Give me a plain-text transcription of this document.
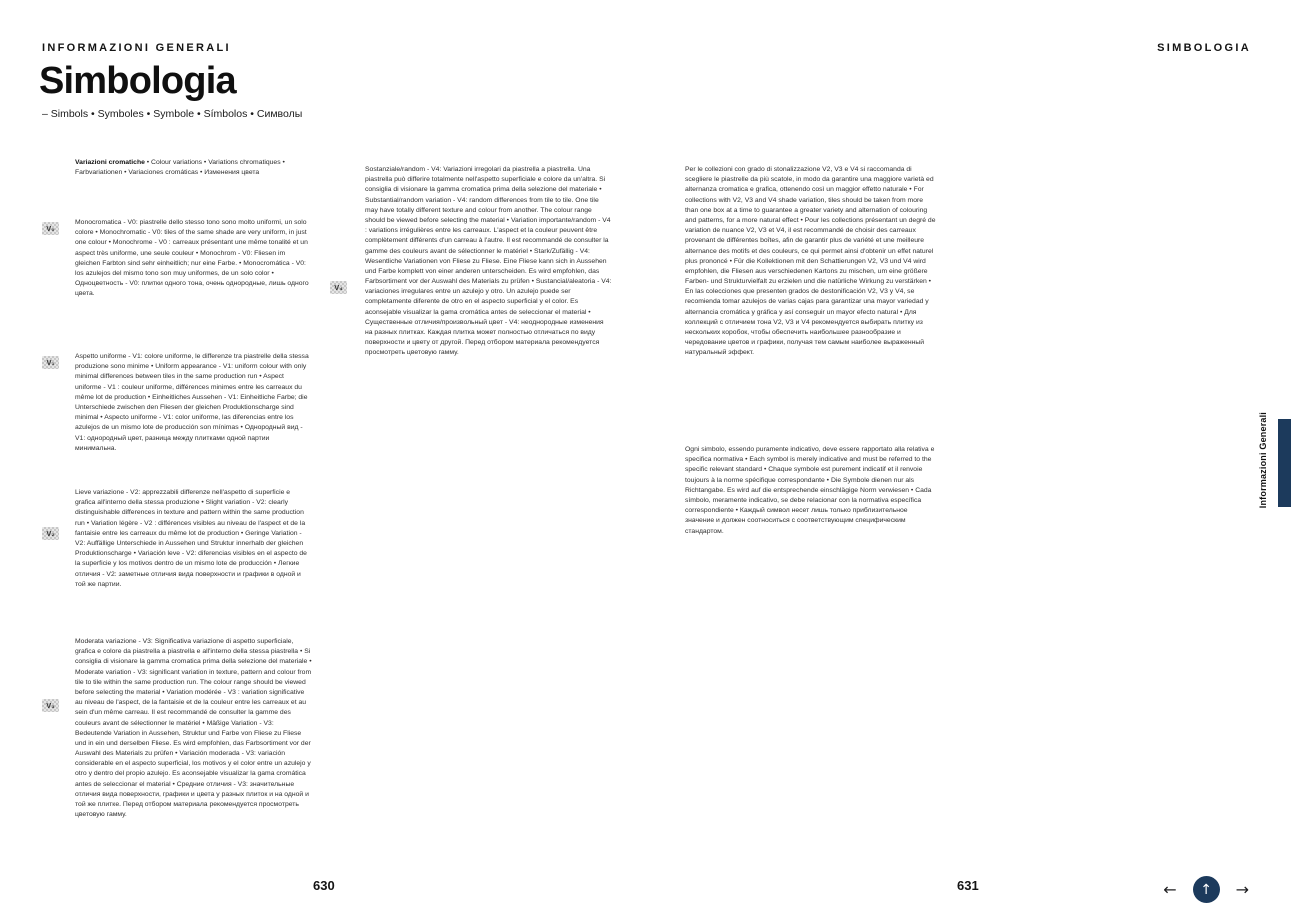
INFORMAZIONI GENERALI	SIMBOLOGIA
Simbologia
– Simbols • Symboles • Symbole • Símbolos • Символы

Variazioni cromatiche • Colour variations • Variations chromatiques • Farbvariationen • Variaciones cromáticas • Изменения цвета

V₀

Monocromatica - V0: piastrelle dello stesso tono sono molto uniformi, un solo colore • Monochromatic - V0: tiles of the same shade are very uniform, in just one colour • Monochrome - V0 : carreaux présentant une même tonalité et un aspect très uniforme, une seule couleur • Monochrom - V0: Fliesen im gleichen Farbton sind sehr einheitlich; nur eine Farbe. • Monocromática - V0: los azulejos del mismo tono son muy uniformes, de un solo color • Одноцветность - V0: плитки одного тона, очень однородные, лишь одного цвета.

V₁

Aspetto uniforme - V1: colore uniforme, le differenze tra piastrelle della stessa produzione sono minime • Uniform appearance - V1: uniform colour with only minimal differences between tiles in the same production run • Aspect uniforme - V1 : couleur uniforme, différences minimes entre les carreaux du même lot de production • Einheitliches Aussehen - V1: Einheitliche Farbe; die Unterschiede zwischen den Fliesen der gleichen Produktionscharge sind minimal • Aspecto uniforme - V1: color uniforme, las diferencias entre los azulejos de un mismo lote de producción son mínimas • Однородный вид - V1: однородный цвет, разница между плитками одной партии минимальна.

V₂

Lieve variazione - V2: apprezzabili differenze nell'aspetto di superficie e grafica all'interno della stessa produzione • Slight variation - V2: clearly distinguishable differences in texture and pattern within the same production run • Variation légère - V2 : différences visibles au niveau de l'aspect et de la fantaisie entre les carreaux du même lot de production • Geringe Variation - V2: Auffällige Unterschiede in Aussehen und Struktur innerhalb der gleichen Produktionscharge • Variación leve - V2: diferencias visibles en el aspecto de la superficie y los motivos dentro de un mismo lote de producción • Легкие отличия - V2: заметные отличия вида поверхности и графики в одной и той же партии.

V₃

Moderata variazione - V3: Significativa variazione di aspetto superficiale, grafica e colore da piastrella a piastrella e all'interno della stessa piastrella • Si consiglia di visionare la gamma cromatica prima della selezione del materiale • Moderate variation - V3: significant variation in texture, pattern and colour from tile to tile within the same production run. The colour range should be viewed before selecting the material • Variation modérée - V3 : variation significative au niveau de l'aspect, de la fantaisie et de la couleur entre les carreaux et au sein d'un même carreau. Il est recommandé de consulter la gamme des couleurs avant de sélectionner le matériel • Mäßige Variation - V3: Bedeutende Variation in Aussehen, Struktur und Farbe von Fliese zu Fliese und in ein und derselben Fliese. Es wird empfohlen, das Farbsortiment vor der Auswahl des Materials zu prüfen • Variación moderada - V3: variación considerable en el aspecto superficial, los motivos y el color entre un azulejo y otro y dentro del propio azulejo. Es aconsejable visualizar la gama cromática antes de seleccionar el material • Средние отличия - V3: значительные отличия вида поверхности, графики и цвета у разных плиток и на одной и той же плитке. Перед отбором материала рекомендуется просмотреть цветовую гамму.

V₄

Sostanziale/random - V4: Variazioni irregolari da piastrella a piastrella. Una piastrella può differire totalmente nell'aspetto superficiale e colore da un'altra. Si consiglia di visionare la gamma cromatica prima della selezione del materiale • Substantial/random variation - V4: random differences from tile to tile. One tile may have totally different texture and colour from another. The colour range should be viewed before selecting the material • Variation importante/random - V4 : variations irrégulières entre les carreaux. L'aspect et la couleur peuvent être complètement différents d'un carreau à l'autre. Il est recommandé de consulter la gamme des couleurs avant de sélectionner le matériel • Stark/Zufällig - V4: Wesentliche Variationen von Fliese zu Fliese. Eine Fliese kann sich in Aussehen und Farbe komplett von einer anderen unterscheiden. Es wird empfohlen, das Farbsortiment vor der Auswahl des Materials zu prüfen • Sustancial/aleatoria - V4: variaciones irregulares entre un azulejo y otro. Un azulejo puede ser completamente diferente de otro en el aspecto superficial y el color. Es aconsejable visualizar la gama cromática antes de seleccionar el material • Существенные отличия/произвольный цвет - V4: неоднородные изменения на разных плитках. Каждая плитка может полностью отличаться по виду поверхности и цвету от другой. Перед отбором материала рекомендуется просмотреть цветовую гамму.

Per le collezioni con grado di stonalizzazione V2, V3 e V4 si raccomanda di scegliere le piastrelle da più scatole, in modo da garantire una maggiore varietà ed alternanza cromatica e grafica, ottenendo così un maggior effetto naturale • For collections with V2, V3 and V4 shade variation, tiles should be taken from more than one box at a time to guarantee a greater variety and alternation of colouring and patterns, for a more natural effect • Pour les collections présentant un degré de variation de nuance V2, V3 et V4, il est recommandé de choisir des carreaux provenant de différentes boîtes, afin de garantir plus de variété et une meilleure alternance des motifs et des couleurs, ce qui permet ainsi d'obtenir un effet naturel plus prononcé • Für die Kollektionen mit den Schattierungen V2, V3 und V4 wird empfohlen, die Fliesen aus verschiedenen Kartons zu mischen, um eine größere Farben- und Strukturvielfalt zu erzielen und die natürliche Wirkung zu verstärken • En las colecciones que presenten grados de destonificación V2, V3 y V4, se recomienda tomar azulejos de varias cajas para garantizar una mayor variedad y alternancia cromática y gráfica y así conseguir un mayor efecto natural • Для коллекций с отличием тона V2, V3 и V4 рекомендуется выбирать плитку из нескольких коробок, чтобы обеспечить наибольшее разнообразие и чередование цветов и графики, получая тем самым наиболее выраженный натуральный эффект.

Ogni simbolo, essendo puramente indicativo, deve essere rapportato alla relativa e specifica normativa • Each symbol is merely indicative and must be referred to the specific relevant standard • Chaque symbole est purement indicatif et il renvoie toujours à la norme spécifique correspondante • Die Symbole dienen nur als Richtangabe. Es wird auf die entsprechende einschlägige Norm verwiesen • Cada símbolo, meramente indicativo, se debe relacionar con la normativa específica correspondiente • Каждый символ несет лишь только приблизительное значение и должен соотноситься с соответствующим специфическим стандартом.

Informazioni Generali
630	631	←	↑	→
